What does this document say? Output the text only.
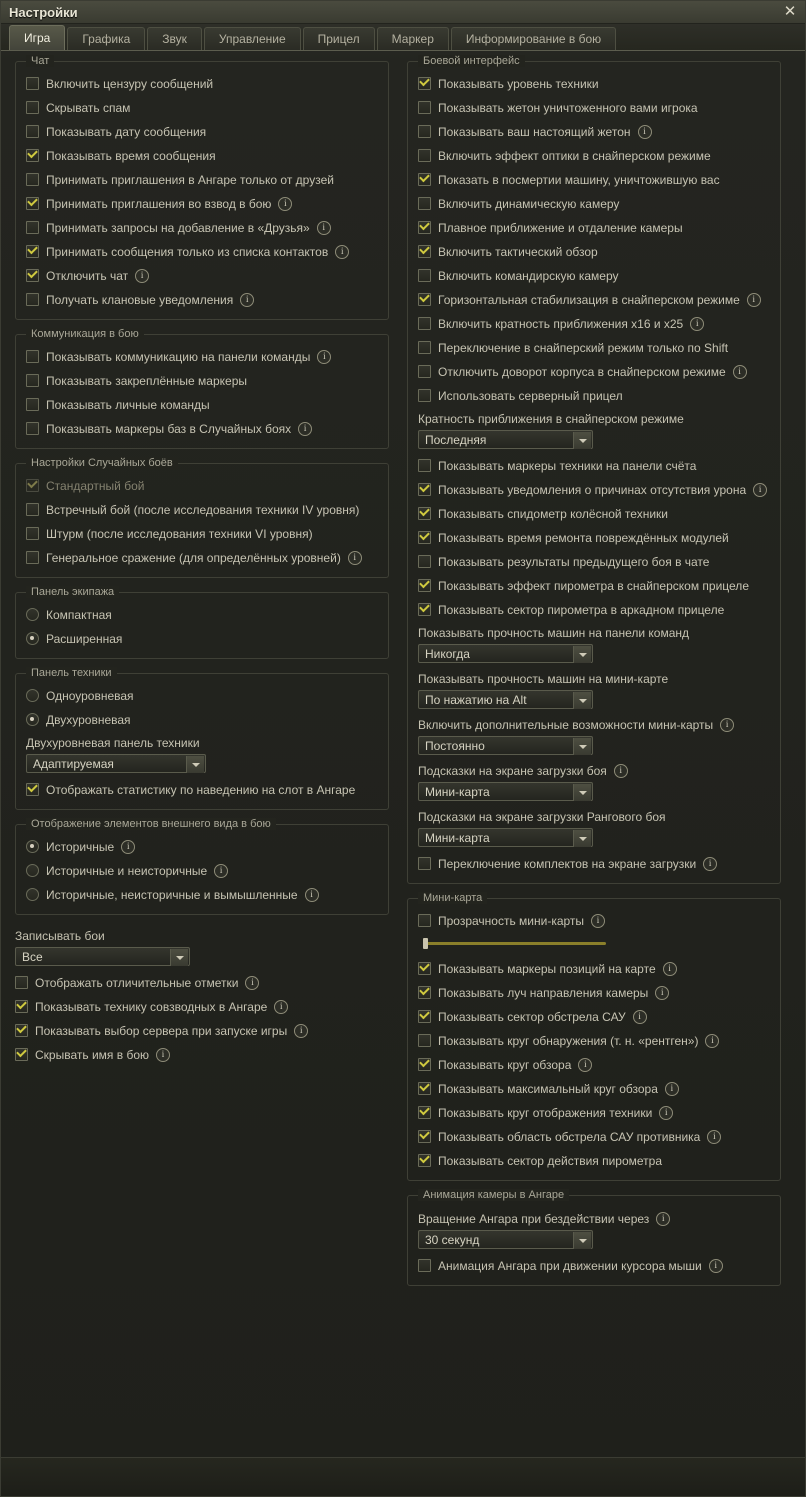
Настройки	✕
Игра	Графика	Звук	Управление	Прицел	Маркер	Информирование в бою
Чат
Включить цензуру сообщений
Скрывать спам
Показывать дату сообщения
Показывать время сообщения
Принимать приглашения в Ангаре только от друзей
Принимать приглашения во взвод в бою	i
Принимать запросы на добавление в «Друзья»	i
Принимать сообщения только из списка контактов	i
Отключить чат	i
Получать клановые уведомления	i
Коммуникация в бою
Показывать коммуникацию на панели команды	i
Показывать закреплённые маркеры
Показывать личные команды
Показывать маркеры баз в Случайных боях	i
Настройки Случайных боёв
Стандартный бой
Встречный бой (после исследования техники IV уровня)
Штурм (после исследования техники VI уровня)
Генеральное сражение (для определённых уровней)	i
Панель экипажа
Компактная
Расширенная
Панель техники
Одноуровневая
Двухуровневая
Двухуровневая панель техники
Адаптируемая
Отображать статистику по наведению на слот в Ангаре
Отображение элементов внешнего вида в бою
Историчные	i
Историчные и неисторичные	i
Историчные, неисторичные и вымышленные	i
Записывать бои
Все
Отображать отличительные отметки	i
Показывать технику совзводных в Ангаре	i
Показывать выбор сервера при запуске игры	i
Скрывать имя в бою	i
Боевой интерфейс
Показывать уровень техники
Показывать жетон уничтоженного вами игрока
Показывать ваш настоящий жетон	i
Включить эффект оптики в снайперском режиме
Показать в посмертии машину, уничтожившую вас
Включить динамическую камеру
Плавное приближение и отдаление камеры
Включить тактический обзор
Включить командирскую камеру
Горизонтальная стабилизация в снайперском режиме	i
Включить кратность приближения x16 и x25	i
Переключение в снайперский режим только по Shift
Отключить доворот корпуса в снайперском режиме	i
Использовать серверный прицел
Кратность приближения в снайперском режиме
Последняя
Показывать маркеры техники на панели счёта
Показывать уведомления о причинах отсутствия урона	i
Показывать спидометр колёсной техники
Показывать время ремонта повреждённых модулей
Показывать результаты предыдущего боя в чате
Показывать эффект пирометра в снайперском прицеле
Показывать сектор пирометра в аркадном прицеле
Показывать прочность машин на панели команд
Никогда
Показывать прочность машин на мини-карте
По нажатию на Alt
Включить дополнительные возможности мини-карты	i
Постоянно
Подсказки на экране загрузки боя	i
Мини-карта
Подсказки на экране загрузки Рангового боя
Мини-карта
Переключение комплектов на экране загрузки	i
Мини-карта
Прозрачность мини-карты	i
Показывать маркеры позиций на карте	i
Показывать луч направления камеры	i
Показывать сектор обстрела САУ	i
Показывать круг обнаружения (т. н. «рентген»)	i
Показывать круг обзора	i
Показывать максимальный круг обзора	i
Показывать круг отображения техники	i
Показывать область обстрела САУ противника	i
Показывать сектор действия пирометра
Анимация камеры в Ангаре
Вращение Ангара при бездействии через	i
30 секунд
Анимация Ангара при движении курсора мыши	i
